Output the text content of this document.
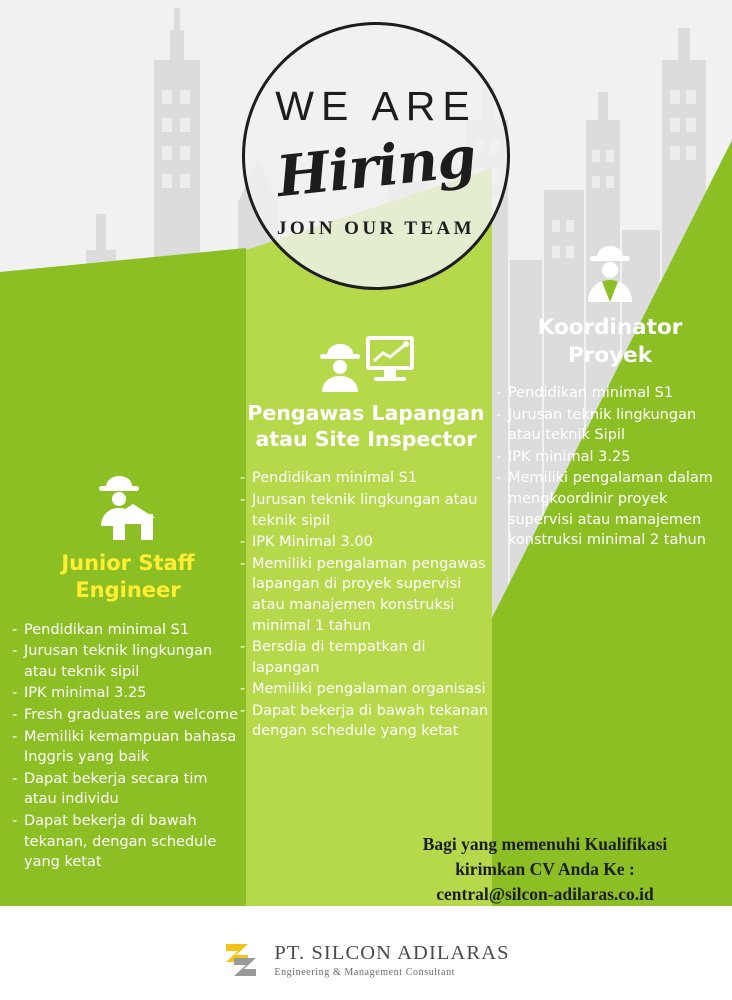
WE ARE
Hiring
JOIN OUR TEAM
Koordinator
Proyek
- Pendidikan minimal S1
- Jurusan teknik lingkungan atau teknik Sipil
- IPK minimal 3.25
- Memiliki pengalaman dalam mengkoordinir proyek supervisi atau manajemen konstruksi minimal 2 tahun
Pengawas Lapangan
atau Site Inspector
- Pendidikan minimal S1
- Jurusan teknik lingkungan atau teknik sipil
- IPK Minimal 3.00
- Memiliki pengalaman pengawas lapangan di proyek supervisi atau manajemen konstruksi minimal 1 tahun
- Bersdia di tempatkan di lapangan
- Memiliki pengalaman organisasi
- Dapat bekerja di bawah tekanan dengan schedule yang ketat
Junior Staff
Engineer
- Pendidikan minimal S1
- Jurusan teknik lingkungan atau teknik sipil
- IPK minimal 3.25
- Fresh graduates are welcome
- Memiliki kemampuan bahasa Inggris yang baik
- Dapat bekerja secara tim atau individu
- Dapat bekerja di bawah tekanan, dengan schedule yang ketat
Bagi yang memenuhi Kualifikasi
kirimkan CV Anda Ke :
central@silcon-adilaras.co.id
PT. SILCON ADILARAS
Engineering & Management Consultant
